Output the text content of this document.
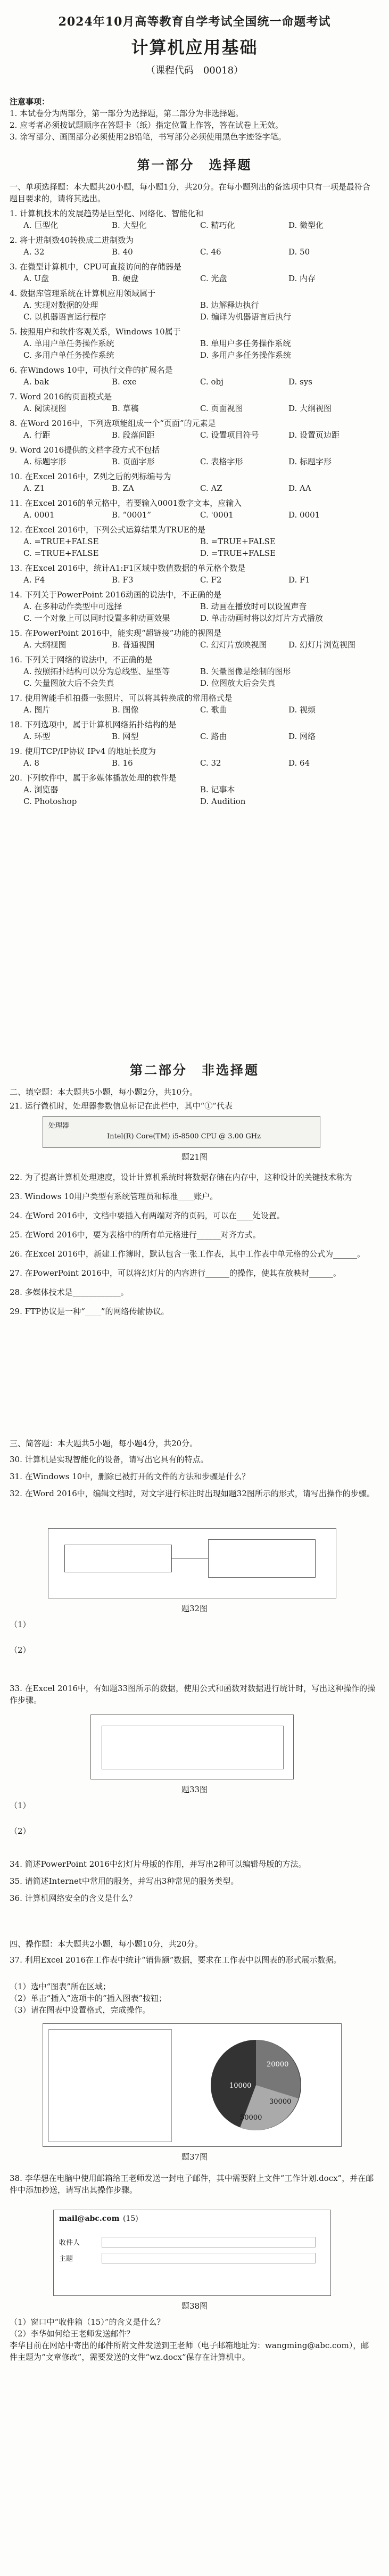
2024年10月高等教育自学考试全国统一命题考试
计算机应用基础
（课程代码　00018）
注意事项：
1. 本试卷分为两部分，第一部分为选择题，第二部分为非选择题。
2. 应考者必须按试题顺序在答题卡（纸）指定位置上作答，答在试卷上无效。
3. 涂写部分、画图部分必须使用2B铅笔，书写部分必须使用黑色字迹签字笔。
第一部分　选择题
一、单项选择题：本大题共20小题，每小题1分，共20分。在每小题列出的备选项中只有一项是最符合题目要求的，请将其选出。
1. 计算机技术的发展趋势是巨型化、网络化、智能化和
A. 巨型化	B. 大型化	C. 精巧化	D. 微型化
2. 将十进制数40转换成二进制数为
A. 32	B. 40	C. 46	D. 50
3. 在微型计算机中，CPU可直接访问的存储器是
A. U盘	B. 硬盘	C. 光盘	D. 内存
4. 数据库管理系统在计算机应用领域属于
A. 实现对数据的处理	B. 边解释边执行
C. 以机器语言运行程序	D. 编译为机器语言后执行
5. 按照用户和软件客观关系，Windows 10属于
A. 单用户单任务操作系统	B. 单用户多任务操作系统
C. 多用户单任务操作系统	D. 多用户多任务操作系统
6. 在Windows 10中，可执行文件的扩展名是
A. bak	B. exe	C. obj	D. sys
7. Word 2016的页面模式是
A. 阅读视图	B. 草稿	C. 页面视图	D. 大纲视图
8. 在Word 2016中，下列选项能组成一个“页面”的元素是
A. 行距	B. 段落间距	C. 设置项目符号	D. 设置页边距
9. Word 2016提供的文档字段方式不包括
A. 标题字形	B. 页面字形	C. 表格字形	D. 标题字形
10. 在Excel 2016中，Z列之后的列标编号为
A. Z1	B. ZA	C. AZ	D. AA
11. 在Excel 2016的单元格中，若要输入0001数字文本，应输入
A. 0001	B. “0001”	C. '0001	D. 0001
12. 在Excel 2016中，下列公式运算结果为TRUE的是
A. =TRUE+FALSE	B. =TRUE+FALSE
C. =TRUE+FALSE	D. =TRUE+FALSE
13. 在Excel 2016中，统计A1:F1区域中数值数据的单元格个数是
A. F4	B. F3	C. F2	D. F1
14. 下列关于PowerPoint 2016动画的说法中，不正确的是
A. 在多种动作类型中可选择	B. 动画在播放时可以设置声音
C. 一个对象上可以同时设置多种动画效果	D. 单击动画时将以幻灯片方式播放
15. 在PowerPoint 2016中，能实现“超链接”功能的视图是
A. 大纲视图	B. 普通视图	C. 幻灯片放映视图	D. 幻灯片浏览视图
16. 下列关于网络的说法中，不正确的是
A. 按照拓扑结构可以分为总线型、星型等	B. 矢量图像是绘制的图形
C. 矢量图放大后不会失真	D. 位图放大后会失真
17. 使用智能手机拍摄一张照片，可以将其转换成的常用格式是
A. 图片	B. 图像	C. 歌曲	D. 视频
18. 下列选项中，属于计算机网络拓扑结构的是
A. 环型	B. 网型	C. 路由	D. 网络
19. 使用TCP/IP协议 IPv4 的地址长度为
A. 8	B. 16	C. 32	D. 64
20. 下列软件中，属于多媒体播放处理的软件是
A. 浏览器	B. 记事本
C. Photoshop	D. Audition
第二部分　非选择题
二、填空题：本大题共5小题，每小题2分，共10分。
21. 运行微机时，处理器参数信息标记在此栏中，其中“①”代表
处理器
Intel(R) Core(TM) i5-8500 CPU @ 3.00 GHz
题21图
22. 为了提高计算机处理速度，设计计算机系统时将数据存储在内存中，这种设计的关键技术称为
23. Windows 10用户类型有系统管理员和标准____账户。
24. 在Word 2016中，文档中要插入有两端对齐的页码，可以在____处设置。
25. 在Word 2016中，要为表格中的所有单元格进行______对齐方式。
26. 在Excel 2016中，新建工作簿时，默认包含一张工作表，其中工作表中单元格的公式为______。
27. 在PowerPoint 2016中，可以将幻灯片的内容进行______的操作，使其在放映时______。
28. 多媒体技术是____________。
29. FTP协议是一种“____”的网络传输协议。
三、简答题：本大题共5小题，每小题4分，共20分。
30. 计算机是实现智能化的设备，请写出它具有的特点。
31. 在Windows 10中，删除已被打开的文件的方法和步骤是什么？
32. 在Word 2016中，编辑文档时，对文字进行标注时出现如题32图所示的形式，请写出操作的步骤。
题32图
（1）
（2）
33. 在Excel 2016中，有如题33图所示的数据，使用公式和函数对数据进行统计时，写出这种操作的操作步骤。
题33图
（1）
（2）
34. 简述PowerPoint 2016中幻灯片母版的作用，并写出2种可以编辑母版的方法。
35. 请简述Internet中常用的服务，并写出3种常见的服务类型。
36. 计算机网络安全的含义是什么？
四、操作题：本大题共2小题，每小题10分，共20分。
37. 利用Excel 2016在工作表中统计“销售额”数据，要求在工作表中以图表的形式展示数据。
（1）选中“图表”所在区域；
（2）单击“插入”选项卡的“插入图表”按钮；
（3）请在图表中设置格式，完成操作。
10000
20000
30000
50000
题37图
38. 李华想在电脑中使用邮箱给王老师发送一封电子邮件，其中需要附上文件“工作计划.docx”，并在邮件中添加抄送，请写出其操作步骤。
mail@abc.com (15)
收件人
主题
题38图
（1）窗口中“收件箱（15）”的含义是什么？
（2）李华如何给王老师发送邮件？
李华目前在网站中寄出的邮件所附文件发送到王老师（电子邮箱地址为：wangming@abc.com），邮件主题为“文章修改”，需要发送的文件“wz.docx”保存在计算机中。
